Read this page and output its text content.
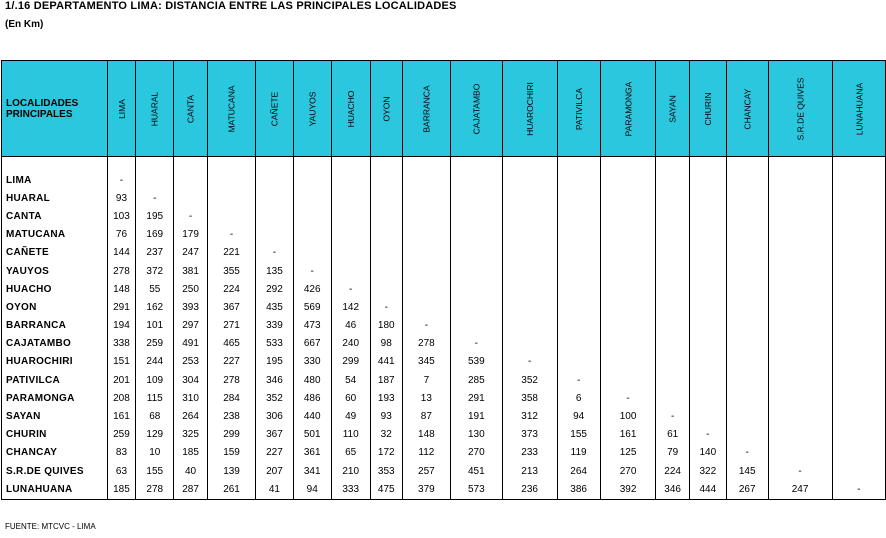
1/.16 DEPARTAMENTO LIMA: DISTANCIA ENTRE LAS PRINCIPALES LOCALIDADES
(En Km)
LOCALIDADES PRINCIPALES	LIMA	HUARAL	CANTA	MATUCANA	CAÑETE	YAUYOS	HUACHO	OYON	BARRANCA	CAJATAMBO	HUAROCHIRI	PATIVILCA	PARAMONGA	SAYAN	CHURIN	CHANCAY	S.R.DE QUIVES	LUNAHUANA

LIMA	-																	
HUARAL	93	-																
CANTA	103	195	-															
MATUCANA	76	169	179	-														
CAÑETE	144	237	247	221	-													
YAUYOS	278	372	381	355	135	-												
HUACHO	148	55	250	224	292	426	-											
OYON	291	162	393	367	435	569	142	-										
BARRANCA	194	101	297	271	339	473	46	180	-									
CAJATAMBO	338	259	491	465	533	667	240	98	278	-								
HUAROCHIRI	151	244	253	227	195	330	299	441	345	539	-							
PATIVILCA	201	109	304	278	346	480	54	187	7	285	352	-						
PARAMONGA	208	115	310	284	352	486	60	193	13	291	358	6	-					
SAYAN	161	68	264	238	306	440	49	93	87	191	312	94	100	-				
CHURIN	259	129	325	299	367	501	110	32	148	130	373	155	161	61	-			
CHANCAY	83	10	185	159	227	361	65	172	112	270	233	119	125	79	140	-		
S.R.DE QUIVES	63	155	40	139	207	341	210	353	257	451	213	264	270	224	322	145	-	
LUNAHUANA	185	278	287	261	41	94	333	475	379	573	236	386	392	346	444	267	247	-
FUENTE: MTCVC - LIMA
